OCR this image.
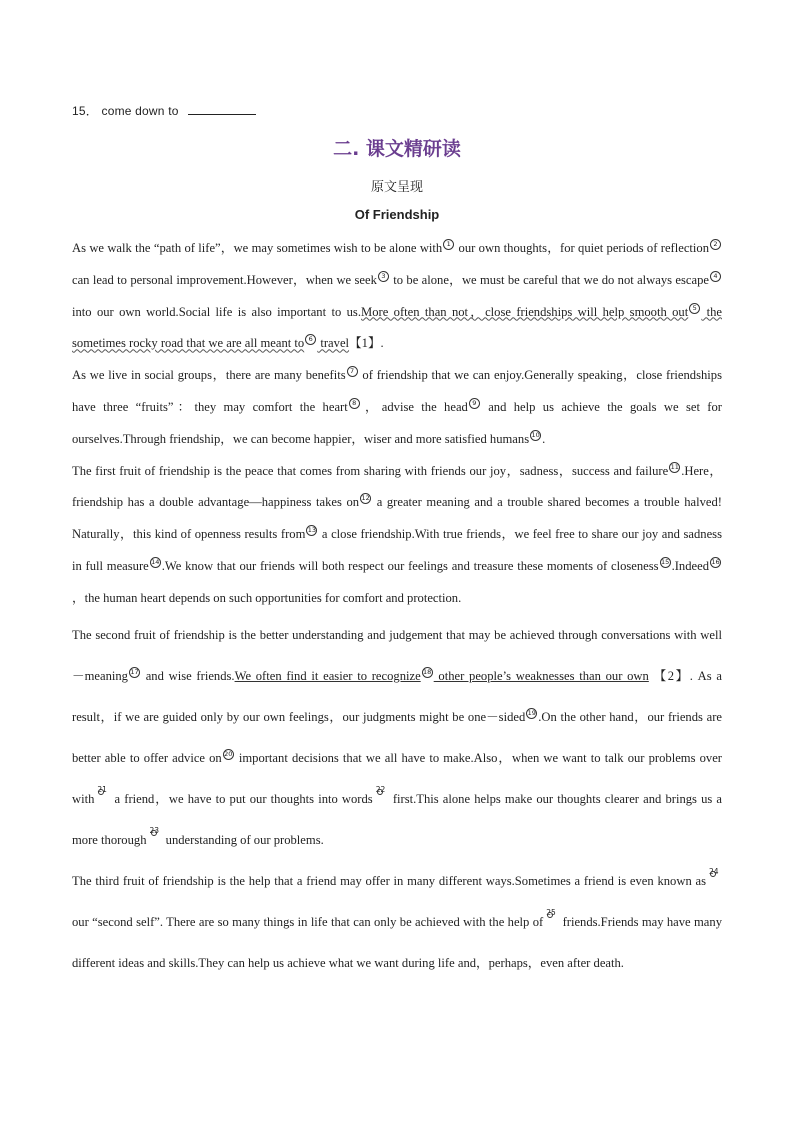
15． come down to
二. 课文精研读
原文呈现
Of Friendship

As we walk the “path of life”，we may sometimes wish to be alone with 1 our own thoughts，for quiet periods of reflection 2 can lead to personal improvement.However，when we seek 3 to be alone，we must be careful that we do not always escape 4 into our own world.Social life is also important to us.More often than not，close friendships will help smooth out 5 the sometimes rocky road that we are all meant to 6 travel【1】.

As we live in social groups，there are many benefits 7 of friendship that we can enjoy.Generally speaking，close friendships have three “fruits”：they may comfort the heart 8 ，advise the head 9 and help us achieve the goals we set for ourselves.Through friendship，we can become happier，wiser and more satisfied humans 10 .

The first fruit of friendship is the peace that comes from sharing with friends our joy，sadness，success and failure 11 .Here，friendship has a double advantage—happiness takes on 12 a greater meaning and a trouble shared becomes a trouble halved! Naturally，this kind of openness results from 13 a close friendship.With true friends，we feel free to share our joy and sadness in full measure 14 .We know that our friends will both respect our feelings and treasure these moments of closeness 15 .Indeed 16，the human heart depends on such opportunities for comfort and protection.

The second fruit of friendship is the better understanding and judgement that may be achieved through conversations with well－meaning 17 and wise friends.We often find it easier to recognize 18 other people’s weaknesses than our own 【2】. As a result，if we are guided only by our own feelings，our judgments might be one－sided 19 .On the other hand，our friends are better able to offer advice on 20 important decisions that we all have to make.Also，when we want to talk our problems over with
21
a friend，we have to put our thoughts into words
22
first.This alone helps make our thoughts clearer and brings us a more thorough
23
understanding of our problems.

The third fruit of friendship is the help that a friend may offer in many different ways.Sometimes a friend is even known as
24
our “second self”. There are so many things in life that can only be achieved with the help of
25
friends.Friends may have many different ideas and skills.They can help us achieve what we want during life and，perhaps，even after death.
